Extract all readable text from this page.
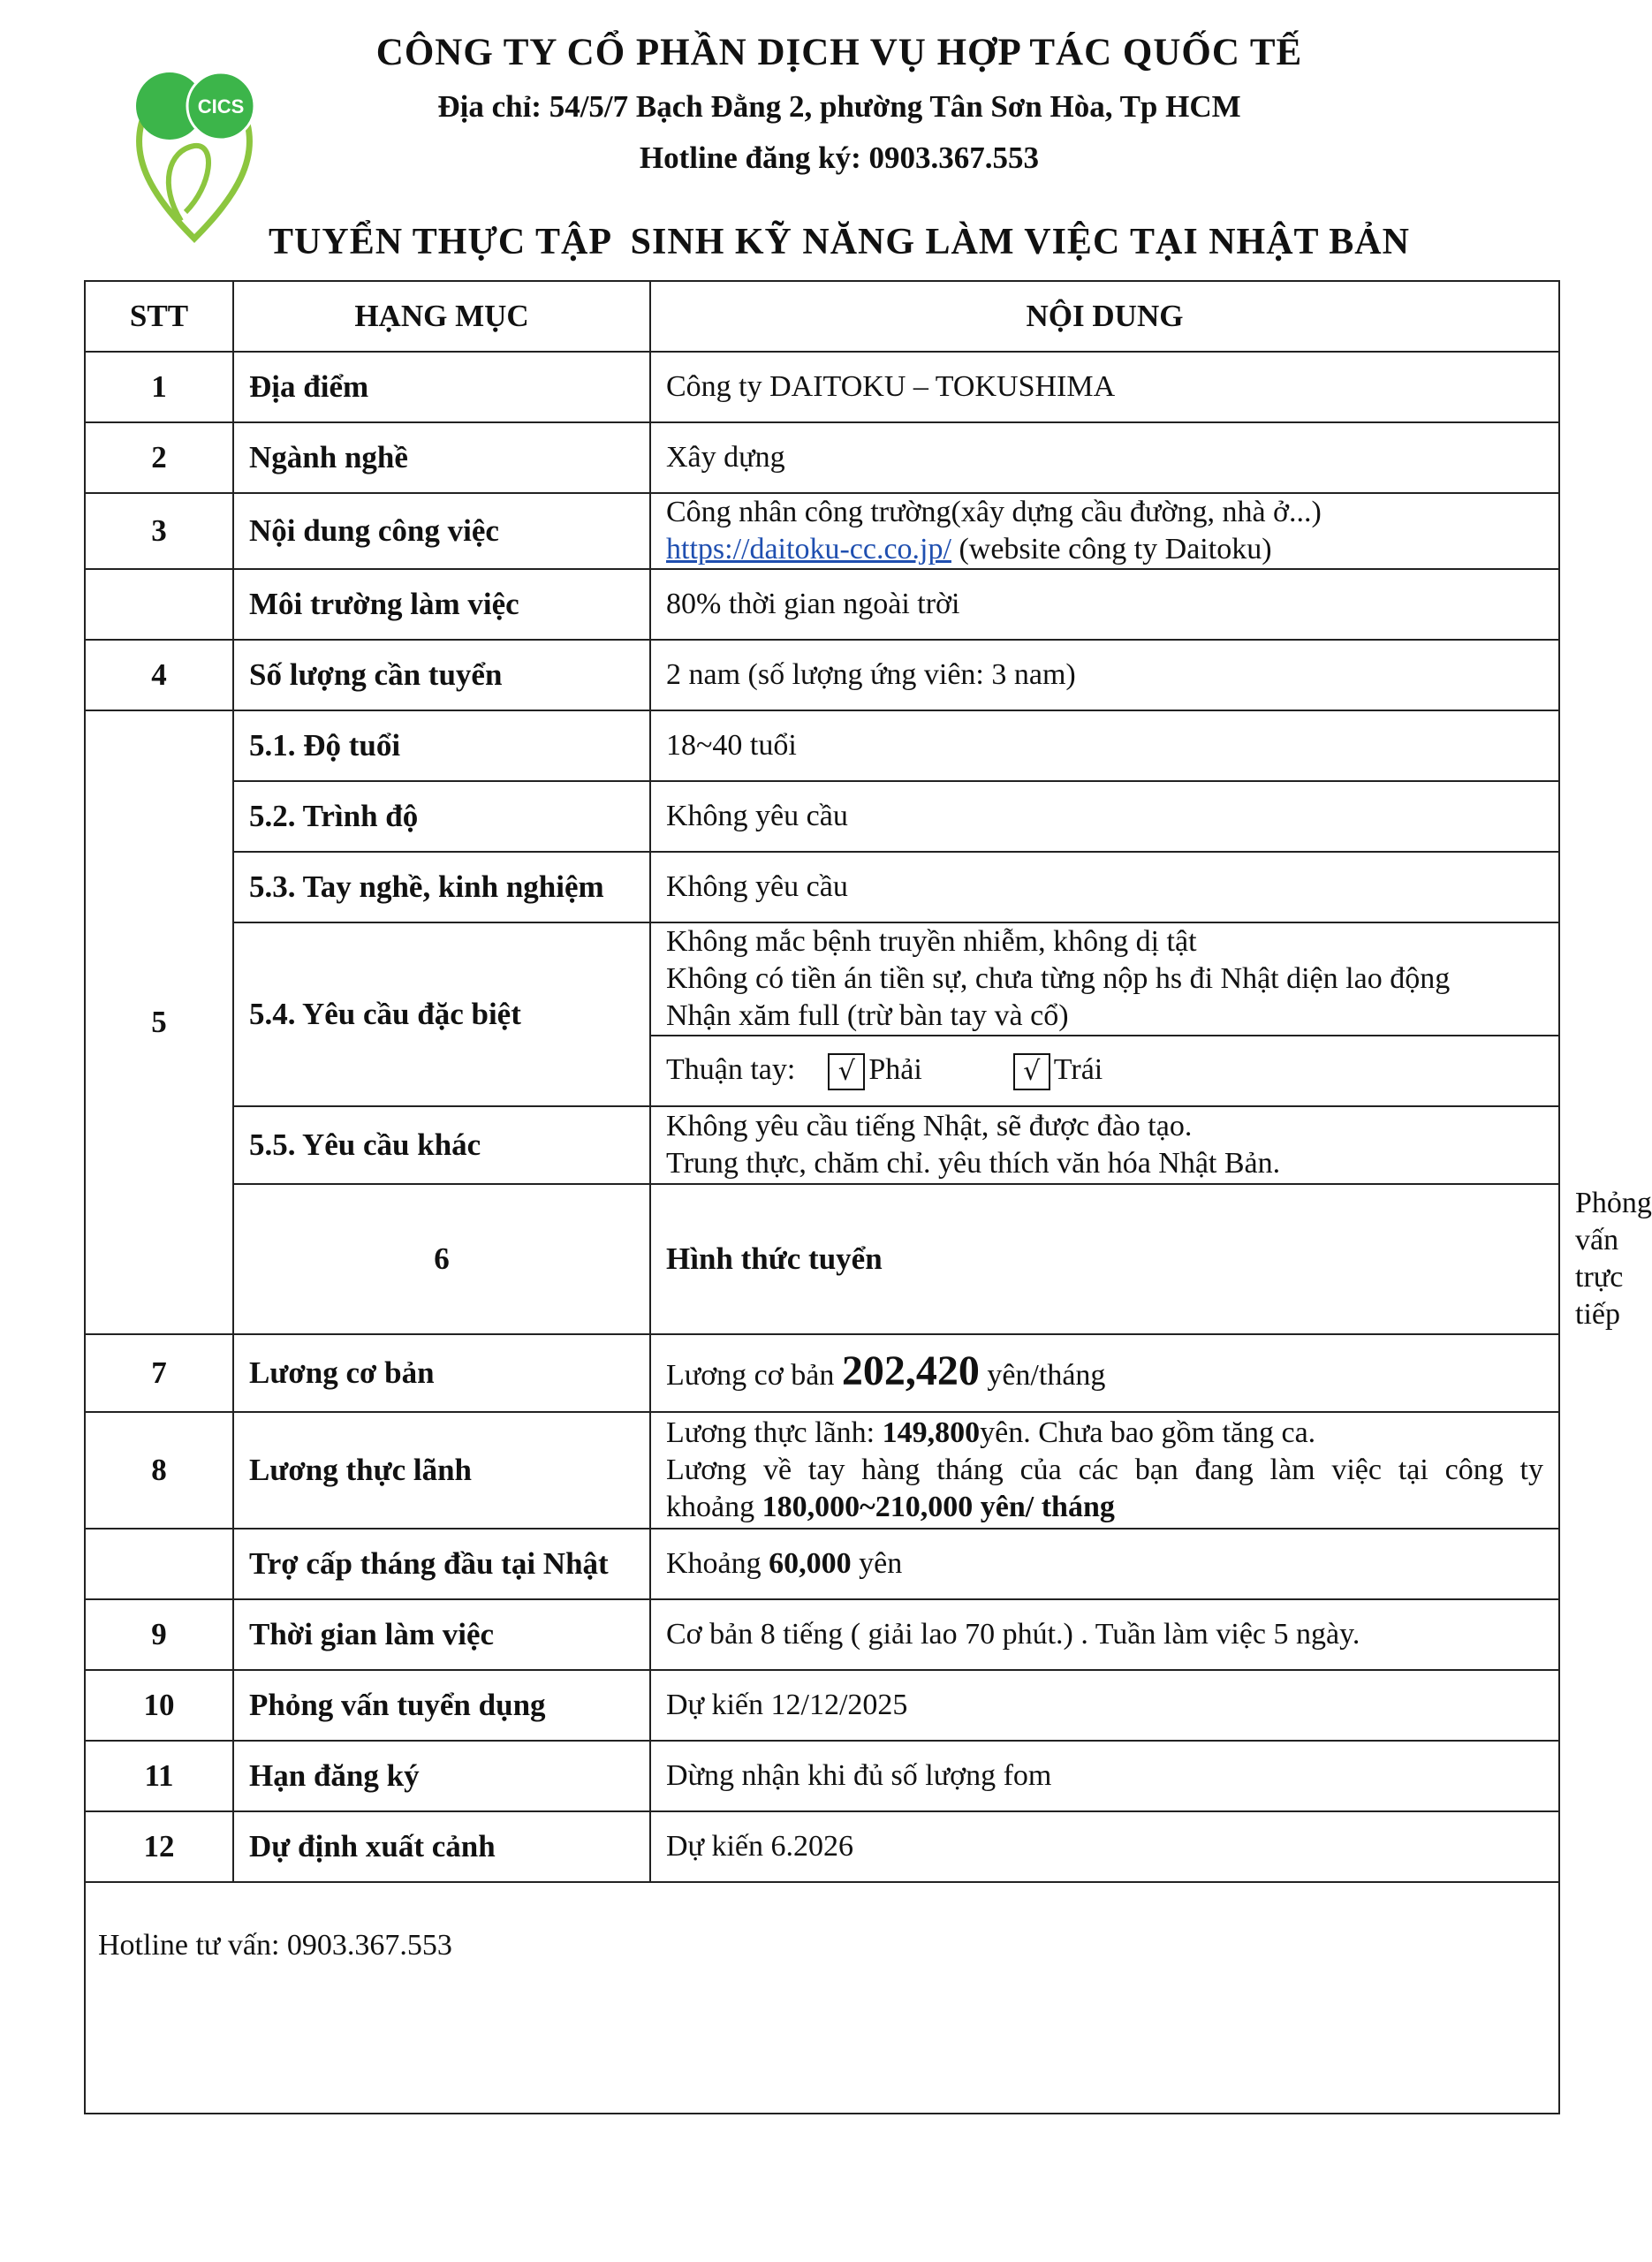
CICS
CÔNG TY CỔ PHẦN DỊCH VỤ HỢP TÁC QUỐC TẾ
Địa chỉ: 54/5/7 Bạch Đằng 2, phường Tân Sơn Hòa, Tp HCM
Hotline đăng ký: 0903.367.553
TUYỂN THỰC TẬP  SINH KỸ NĂNG LÀM VIỆC TẠI NHẬT BẢN
STT	HẠNG MỤC	NỘI DUNG	
1	Địa điểm	Công ty DAITOKU – TOKUSHIMA	
2	Ngành nghề	Xây dựng	
3	Nội dung công việc	Công nhân công trường(xây dựng cầu đường, nhà ở...)

https://daitoku-cc.co.jp/ (website công ty Daitoku)	

	Môi trường làm việc	80% thời gian ngoài trời	
4	Số lượng cần tuyển	2 nam (số lượng ứng viên: 3 nam)	
5	5.1. Độ tuổi	18~40 tuổi	
	5.2. Trình độ	Không yêu cầu	
	5.3. Tay nghề, kinh nghiệm	Không yêu cầu	
	5.4. Yêu cầu đặc biệt	Không mắc bệnh truyền nhiễm, không dị tật

Không có tiền án tiền sự, chưa từng nộp hs đi Nhật diện lao động

Nhận xăm full (trừ bàn tay và cổ)	

		Thuận tay: √ Phải √ Trái	
	5.5. Yêu cầu khác	Không yêu cầu tiếng Nhật, sẽ được đào tạo.

Trung thực, chăm chỉ. yêu thích văn hóa Nhật Bản.	

	6	Hình thức tuyển	Phỏng vấn trực tiếp
7	Lương cơ bản	Lương cơ bản 202,420 yên/tháng	
8	Lương thực lãnh	Lương thực lãnh: 149,800yên. Chưa bao gồm tăng ca.

Lương về tay hàng tháng của các bạn đang làm việc tại công ty

khoảng 180,000~210,000 yên/ tháng	

	Trợ cấp tháng đầu tại Nhật	Khoảng 60,000 yên	
9	Thời gian làm việc	Cơ bản 8 tiếng ( giải lao 70 phút.) . Tuần làm việc 5 ngày.	
10	Phỏng vấn tuyển dụng	Dự kiến 12/12/2025	
11	Hạn đăng ký	Dừng nhận khi đủ số lượng fom	
12	Dự định xuất cảnh	Dự kiến 6.2026	
Hotline tư vấn: 0903.367.553			
